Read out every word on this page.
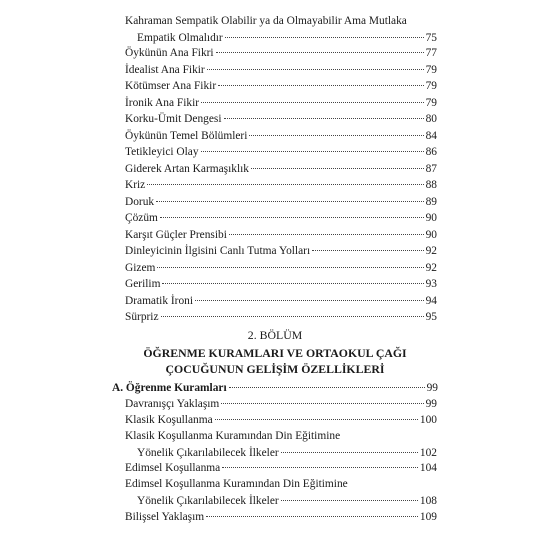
Kahraman Sempatik Olabilir ya da Olmayabilir Ama Mutlaka
Empatik Olmalıdır	75
Öykünün Ana Fikri	77
İdealist Ana Fikir	79
Kötümser Ana Fikir	79
İronik Ana Fikir	79
Korku-Ümit Dengesi	80
Öykünün Temel Bölümleri	84
Tetikleyici Olay	86
Giderek Artan Karmaşıklık	87
Kriz	88
Doruk	89
Çözüm	90
Karşıt Güçler Prensibi	90
Dinleyicinin İlgisini Canlı Tutma Yolları	92
Gizem	92
Gerilim	93
Dramatik İroni	94
Sürpriz	95
2. BÖLÜM
ÖĞRENME KURAMLARI VE ORTAOKUL ÇAĞI
ÇOCUĞUNUN GELİŞİM ÖZELLİKLERİ
A. Öğrenme Kuramları	99
Davranışçı Yaklaşım	99
Klasik Koşullanma	100
Klasik Koşullanma Kuramından Din Eğitimine
Yönelik Çıkarılabilecek İlkeler	102
Edimsel Koşullanma	104
Edimsel Koşullanma Kuramından Din Eğitimine
Yönelik Çıkarılabilecek İlkeler	108
Bilişsel Yaklaşım	109
